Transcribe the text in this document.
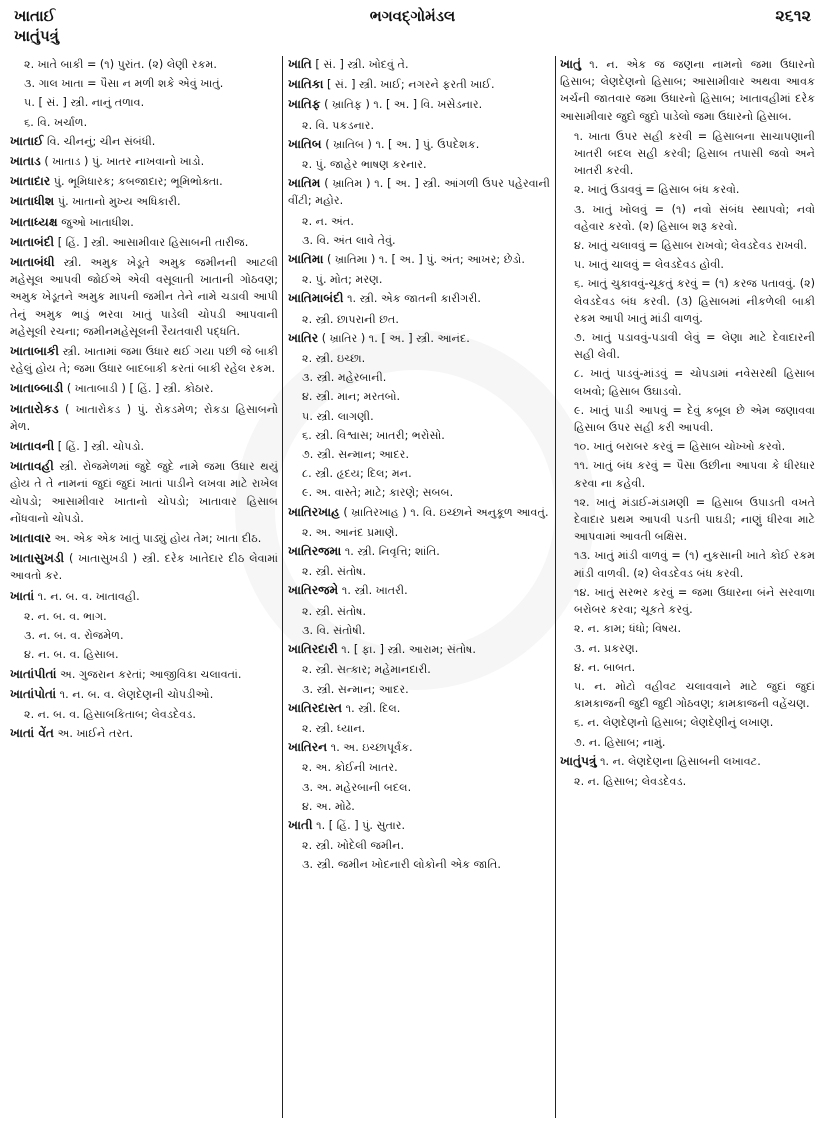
ખાતાઈ
ખાતુંપત્રું
ભગવદ્ગોમંડલ	૨૬૧૨
૨. ખાતે બાકી = (૧) પુરાંત. (૨) લેણી રકમ.
૩. ગાલ ખાતા = પૈસા ન મળી શકે એવું ખાતું.
૫. [ સં. ] સ્ત્રી. નાનું તળાવ.
૬. વિ. ખર્ચાળ.
ખાતાઈ વિ. ચીનનું; ચીન સંબંધી.
ખાતાડ ( ખાતાડ ) પું. ખાતર નાખવાનો ખાડો.
ખાતાદાર પું. ભૂમિધારક; કબજાદાર; ભૂમિભોક્તા.
ખાતાધીશ પું. ખાતાનો મુખ્ય અધિકારી.
ખાતાધ્યક્ષ જુઓ ખાતાધીશ.
ખાતાબંદી [ હિં. ] સ્ત્રી. આસામીવાર હિસાબની તારીજ.
ખાતાબંધી સ્ત્રી. અમુક ખેડૂતે અમુક જમીનની આટલી મહેસૂલ આપવી જોઈએ એવી વસૂલાતી ખાતાની ગોઠવણ; અમુક ખેડૂતને અમુક માપની જમીન તેને નામે ચડાવી આપી તેનું અમુક ભાડું ભરવા ખાતું પાડેલી ચોપડી આપવાની મહેસૂલી રચના; જમીનમહેસૂલની રૈયતવારી પદ્ધતિ.
ખાતાબાકી સ્ત્રી. ખાતામાં જમા ઉધાર થઈ ગયા પછી જે બાકી રહેલું હોય તે; જમા ઉધાર બાદબાકી કરતાં બાકી રહેલ રકમ.
ખાતાબ્બાડી ( ખાતાબાડી ) [ હિં. ] સ્ત્રી. કોઠાર.
ખાતારોકડ ( ખાતારોકડ ) પું. રોકડમેળ; રોકડા હિસાબનો મેળ.
ખાતાવની [ હિં. ] સ્ત્રી. ચોપડો.
ખાતાવહી સ્ત્રી. રોજમેળમાં જુદે જુદે નામે જમા ઉધાર થયું હોય તે તે નામનાં જુદાં જુદાં ખાતાં પાડીને લખવા માટે રાખેલ ચોપડો; આસામીવાર ખાતાનો ચોપડો; ખાતાવાર હિસાબ નોંધવાનો ચોપડો.
ખાતાવાર અ. એક એક ખાતું પાડ્યું હોય તેમ; ખાતા દીઠ.
ખાતાસુખડી ( ખાતાસુખડી ) સ્ત્રી. દરેક ખાતેદાર દીઠ લેવામાં આવતો કર.
ખાતાં ૧. ન. બ. વ. ખાતાવહી.
૨. ન. બ. વ. ભાગ.
૩. ન. બ. વ. રોજમેળ.
૪. ન. બ. વ. હિસાબ.
ખાતાંપીતાં અ. ગુજરાન કરતાં; આજીવિકા ચલાવતાં.
ખાતાંપોતાં ૧. ન. બ. વ. લેણદેણની ચોપડીઓ.
૨. ન. બ. વ. હિસાબકિતાબ; લેવડદેવડ.
ખાતાં વેંત અ. ખાઈને તરત.
ખાતિ [ સં. ] સ્ત્રી. ખોદવું તે.
ખાતિકા [ સં. ] સ્ત્રી. ખાઈ; નગરને ફરતી ખાઈ.
ખાતિફ ( ખ્રાતિફ ) ૧. [ અ. ] વિ. ખસેડનાર.
૨. વિ. પકડનાર.
ખાતિબ ( ખ્રાતિબ ) ૧. [ અ. ] પું. ઉપદેશક.
૨. પું. જાહેર ભાષણ કરનાર.
ખાતિમ ( ખ્રાતિમ ) ૧. [ અ. ] સ્ત્રી. આંગળી ઉપર પહેરવાની વીંટી; મહોર.
૨. ન. અંત.
૩. વિ. અંત લાવે તેવું.
ખાતિમા ( ખ્રાતિમા ) ૧. [ અ. ] પું. અંત; આખર; છેડો.
૨. પું. મોત; મરણ.
ખાતિમાબંદી ૧. સ્ત્રી. એક જાતની કારીગરી.
૨. સ્ત્રી. છાપરાની છત.
ખાતિર ( ખ્રાતિર ) ૧. [ અ. ] સ્ત્રી. આનંદ.
૨. સ્ત્રી. ઇચ્છા.
૩. સ્ત્રી. મહેરબાની.
૪. સ્ત્રી. માન; મરતબો.
૫. સ્ત્રી. લાગણી.
૬. સ્ત્રી. વિશ્વાસ; ખાતરી; ભરોસો.
૭. સ્ત્રી. સન્માન; આદર.
૮. સ્ત્રી. હૃદય; દિલ; મન.
૯. અ. વાસ્તે; માટે; કારણે; સબબ.
ખાતિરખાહ ( ખ્રાતિરખાહ ) ૧. વિ. ઇચ્છાને અનુકૂળ આવતું.
૨. અ. આનંદ પ્રમાણે.
ખાતિરજમા ૧. સ્ત્રી. નિવૃત્તિ; શાંતિ.
૨. સ્ત્રી. સંતોષ.
ખાતિરજમે ૧. સ્ત્રી. ખાતરી.
૨. સ્ત્રી. સંતોષ.
૩. વિ. સંતોષી.
ખાતિરદારી ૧. [ ફા. ] સ્ત્રી. આરામ; સંતોષ.
૨. સ્ત્રી. સત્કાર; મહેમાનદારી.
૩. સ્ત્રી. સન્માન; આદર.
ખાતિરદાસ્ત ૧. સ્ત્રી. દિલ.
૨. સ્ત્રી. ધ્યાન.
ખાતિરન ૧. અ. ઇચ્છાપૂર્વક.
૨. અ. કોઈની ખાતર.
૩. અ. મહેરબાની બદલ.
૪. અ. મોઢે.
ખાતી ૧. [ હિં. ] પું. સુતાર.
૨. સ્ત્રી. ખોદેલી જમીન.
૩. સ્ત્રી. જમીન ખોદનારી લોકોની એક જાતિ.
ખાતું ૧. ન. એક જ જણના નામનો જમા ઉધારનો હિસાબ; લેણદેણનો હિસાબ; આસામીવાર અથવા આવક ખર્ચની જાતવાર જમા ઉધારનો હિસાબ; ખાતાવહીમાં દરેક આસામીવાર જુદો જુદો પાડેલો જમા ઉધારનો હિસાબ.
૧. ખાતા ઉપર સહી કરવી = હિસાબના સાચાપણાની ખાતરી બદલ સહી કરવી; હિસાબ તપાસી જવો અને ખાતરી કરવી.
૨. ખાતું ઉડાવવું = હિસાબ બંધ કરવો.
૩. ખાતું ખોલવું = (૧) નવો સંબંધ સ્થાપવો; નવો વહેવાર કરવો. (૨) હિસાબ શરૂ કરવો.
૪. ખાતું ચલાવવું = હિસાબ રાખવો; લેવડદેવડ રાખવી.
૫. ખાતું ચાલવું = લેવડદેવડ હોવી.
૬. ખાતું ચુકાવવું-ચૂકતું કરવું = (૧) કરજ પતાવવું. (૨) લેવડદેવડ બંધ કરવી. (૩) હિસાબમાં નીકળેલી બાકી રકમ આપી ખાતું માંડી વાળવું.
૭. ખાતું પડાવવું-પડાવી લેવું = લેણા માટે દેવાદારની સહી લેવી.
૮. ખાતું પાડવું-માંડવું = ચોપડામાં નવેસરથી હિસાબ લખવો; હિસાબ ઉઘાડવો.
૯. ખાતું પાડી આપવું = દેવું કબૂલ છે એમ જણાવવા હિસાબ ઉપર સહી કરી આપવી.
૧૦. ખાતું બરાબર કરવું = હિસાબ ચોખ્ખો કરવો.
૧૧. ખાતું બંધ કરવું = પૈસા ઉછીના આપવા કે ધીરધાર કરવા ના કહેવી.
૧૨. ખાતું મંડાઈ-મંડામણી = હિસાબ ઉપાડતી વખતે દેવાદાર પ્રથમ આપવી પડતી પાઘડી; નાણું ધીરવા માટે આપવામાં આવતી બક્ષિસ.
૧૩. ખાતું માંડી વાળવું = (૧) નુકસાની ખાતે કોઈ રકમ માંડી વાળવી. (૨) લેવડદેવડ બંધ કરવી.
૧૪. ખાતું સરભર કરવું = જમા ઉધારના બંને સરવાળા બરોબર કરવા; ચૂકતે કરવું.
૨. ન. કામ; ધંધો; વિષય.
૩. ન. પ્રકરણ.
૪. ન. બાબત.
૫. ન. મોટો વહીવટ ચલાવવાને માટે જુદાં જુદાં કામકાજની જુદી જુદી ગોઠવણ; કામકાજની વહેંચણ.
૬. ન. લેણદેણનો હિસાબ; લેણદેણીનું લખાણ.
૭. ન. હિસાબ; નામું.
ખાતુંપત્રું ૧. ન. લેણદેણના હિસાબની લખાવટ.
૨. ન. હિસાબ; લેવડદેવડ.
